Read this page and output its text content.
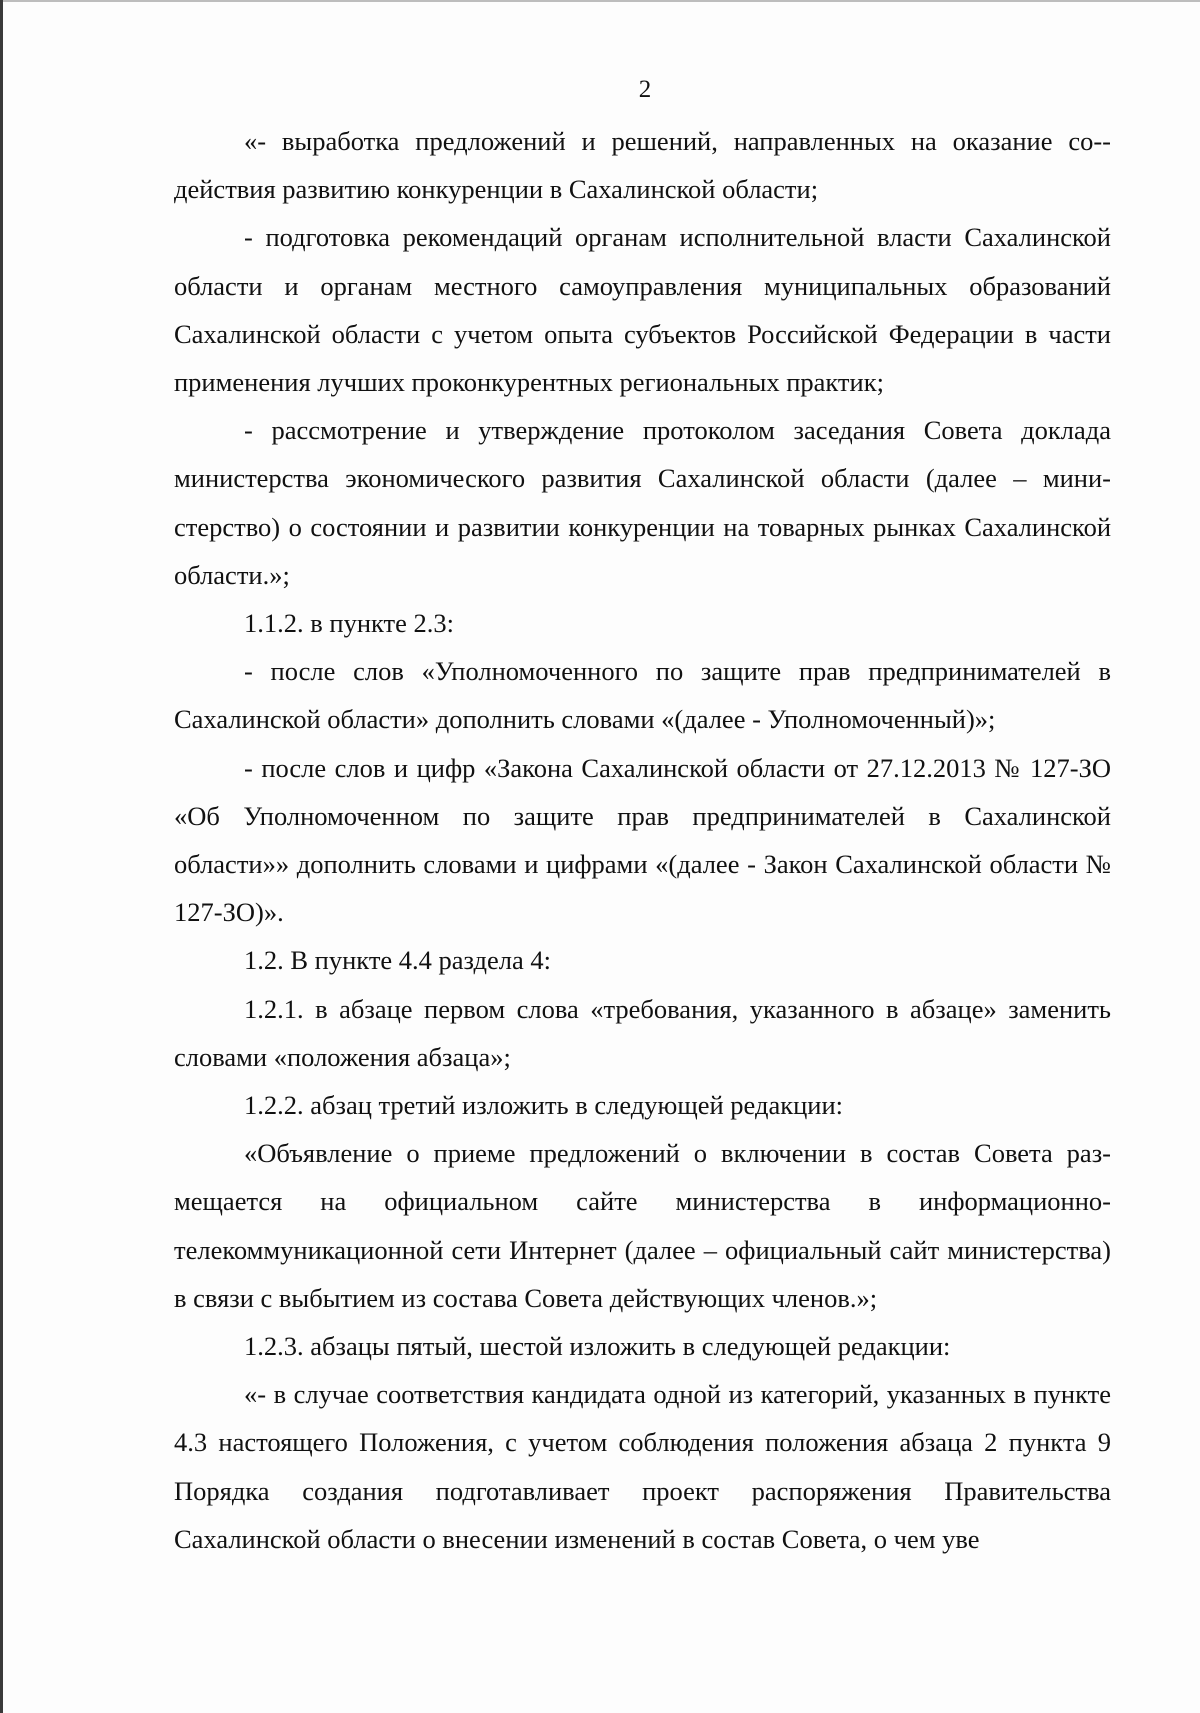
2

«- выработка предложений и решений, направленных на оказание со-действия развитию конкуренции в Сахалинской области;

- подготовка рекомендаций органам исполнительной власти Сахалинской области и органам местного самоуправления муниципальных образований Сахалинской области с учетом опыта субъектов Российской Федерации в части применения лучших проконкурентных региональных практик;

- рассмотрение и утверждение протоколом заседания Совета доклада министерства экономического развития Сахалинской области (далее – министерство) о состоянии и развитии конкуренции на товарных рынках Сахалинской области.»;

1.1.2. в пункте 2.3:

- после слов «Уполномоченного по защите прав предпринимателей в Сахалинской области» дополнить словами «(далее - Уполномоченный)»;

- после слов и цифр «Закона Сахалинской области от 27.12.2013 № 127-ЗО «Об Уполномоченном по защите прав предпринимателей в Сахалинской области»» дополнить словами и цифрами «(далее - Закон Сахалинской области № 127-ЗО)».

1.2. В пункте 4.4 раздела 4:

1.2.1. в абзаце первом слова «требования, указанного в абзаце» заменить словами «положения абзаца»;

1.2.2. абзац третий изложить в следующей редакции:

«Объявление о приеме предложений о включении в состав Совета размещается на официальном сайте министерства в информационно-телекоммуникационной сети Интернет (далее – официальный сайт министерства) в связи с выбытием из состава Совета действующих членов.»;

1.2.3. абзацы пятый, шестой изложить в следующей редакции:

«- в случае соответствия кандидата одной из категорий, указанных в пункте 4.3 настоящего Положения, с учетом соблюдения положения абзаца 2 пункта 9 Порядка создания подготавливает проект распоряжения Правительства Сахалинской области о внесении изменений в состав Совета, о чем уве
